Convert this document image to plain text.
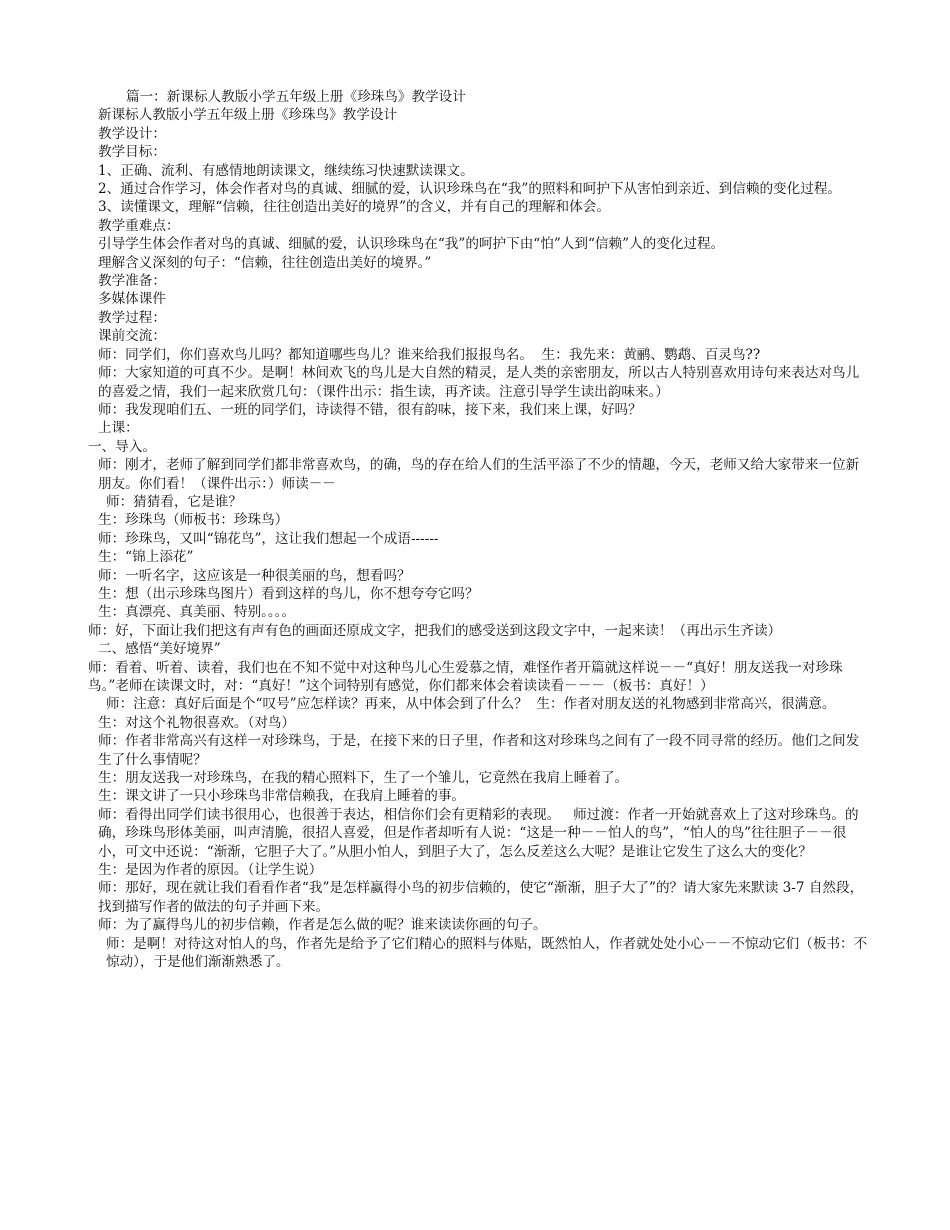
篇一：新课标人教版小学五年级上册《珍珠鸟》教学设计

新课标人教版小学五年级上册《珍珠鸟》教学设计

教学设计：

教学目标：

1、正确、流利、有感情地朗读课文，继续练习快速默读课文。

2、通过合作学习，体会作者对鸟的真诚、细腻的爱，认识珍珠鸟在“我”的照料和呵护下从害怕到亲近、到信赖的变化过程。

3、读懂课文，理解“信赖，往往创造出美好的境界”的含义，并有自己的理解和体会。

教学重难点：

引导学生体会作者对鸟的真诚、细腻的爱，认识珍珠鸟在“我”的呵护下由“怕”人到“信赖”人的变化过程。

理解含义深刻的句子：“信赖，往往创造出美好的境界。”

教学准备：

多媒体课件

教学过程：

课前交流：

师：同学们，你们喜欢鸟儿吗？都知道哪些鸟儿？谁来给我们报报鸟名。  生：我先来：黄鹂、鹦鹉、百灵鸟??

师：大家知道的可真不少。是啊！林间欢飞的鸟儿是大自然的精灵，是人类的亲密朋友，所以古人特别喜欢用诗句来表达对鸟儿的喜爱之情，我们一起来欣赏几句：（课件出示：指生读，再齐读。注意引导学生读出韵味来。）

师：我发现咱们五、一班的同学们，诗读得不错，很有韵味，接下来，我们来上课，好吗？

上课：

一、导入。

师：刚才，老师了解到同学们都非常喜欢鸟，的确，鸟的存在给人们的生活平添了不少的情趣，今天，老师又给大家带来一位新朋友。你们看！（课件出示：）师读－－

师：猜猜看，它是谁？

生：珍珠鸟（师板书：珍珠鸟）

师：珍珠鸟，又叫“锦花鸟”，这让我们想起一个成语------

生：“锦上添花”

师：一听名字，这应该是一种很美丽的鸟，想看吗？

生：想（出示珍珠鸟图片）看到这样的鸟儿，你不想夸夸它吗？

生：真漂亮、真美丽、特别。。。。

师：好，下面让我们把这有声有色的画面还原成文字，把我们的感受送到这段文字中，一起来读！（再出示生齐读）

二、感悟“美好境界”

师：看着、听着、读着，我们也在不知不觉中对这种鸟儿心生爱慕之情，难怪作者开篇就这样说－－“真好！朋友送我一对珍珠鸟。”老师在读课文时，对：“真好！”这个词特别有感觉，你们都来体会着读读看－－－（板书：真好！）

师：注意：真好后面是个“叹号”应怎样读？再来，从中体会到了什么？  生：作者对朋友送的礼物感到非常高兴，很满意。

生：对这个礼物很喜欢。（对鸟）

师：作者非常高兴有这样一对珍珠鸟，于是，在接下来的日子里，作者和这对珍珠鸟之间有了一段不同寻常的经历。他们之间发生了什么事情呢？

生：朋友送我一对珍珠鸟，在我的精心照料下，生了一个雏儿，它竟然在我肩上睡着了。

生：课文讲了一只小珍珠鸟非常信赖我，在我肩上睡着的事。

师：看得出同学们读书很用心，也很善于表达，相信你们会有更精彩的表现。   师过渡：作者一开始就喜欢上了这对珍珠鸟。的确，珍珠鸟形体美丽，叫声清脆，很招人喜爱，但是作者却听有人说：“这是一种－－怕人的鸟”，“怕人的鸟”往往胆子－－很小，可文中还说：“渐渐，它胆子大了。”从胆小怕人，到胆子大了，怎么反差这么大呢？是谁让它发生了这么大的变化？

生：是因为作者的原因。（让学生说）

师：那好，现在就让我们看看作者“我”是怎样赢得小鸟的初步信赖的，使它“渐渐，胆子大了”的？请大家先来默读 3-7 自然段，找到描写作者的做法的句子并画下来。

师：为了赢得鸟儿的初步信赖，作者是怎么做的呢？谁来读读你画的句子。

师：是啊！对待这对怕人的鸟，作者先是给予了它们精心的照料与体贴，既然怕人，作者就处处小心－－不惊动它们（板书：不惊动），于是他们渐渐熟悉了。
